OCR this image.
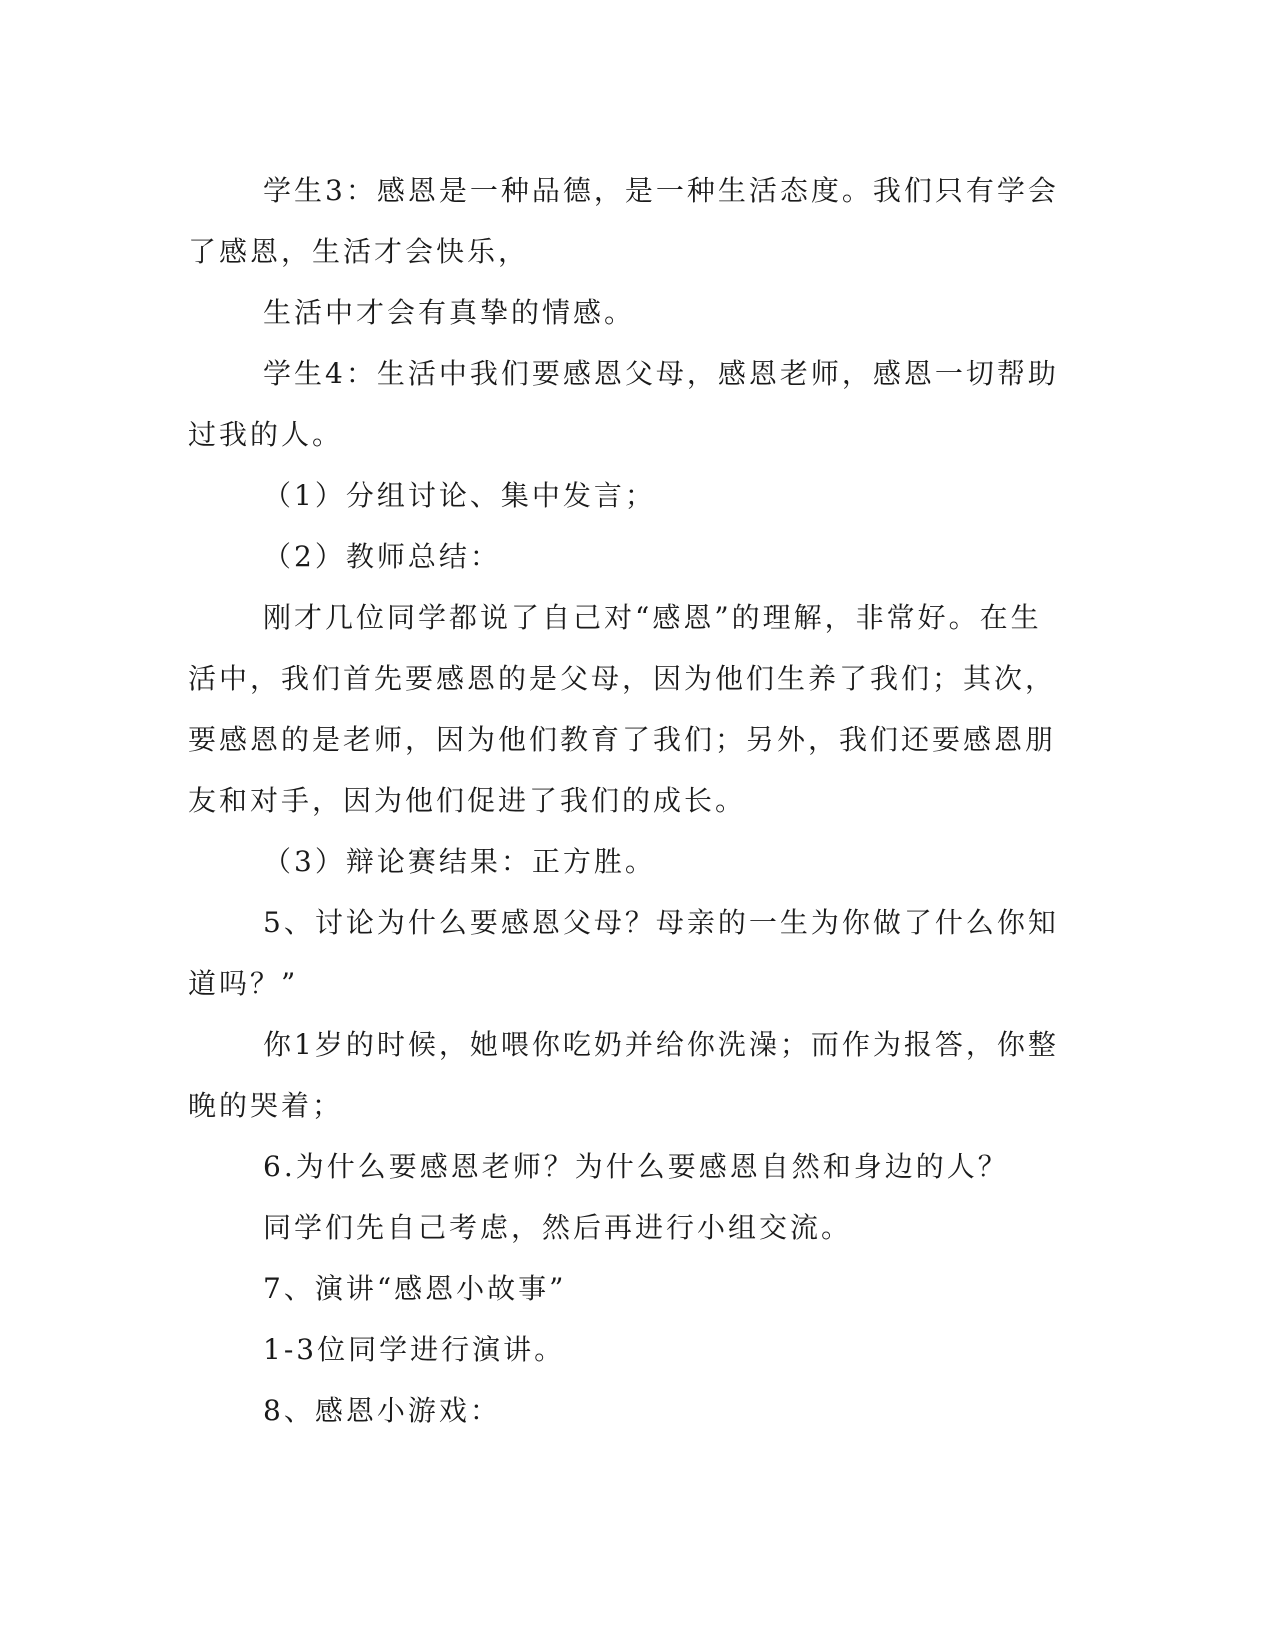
学生3：感恩是一种品德，是一种生活态度。我们只有学会了感恩，生活才会快乐，

生活中才会有真挚的情感。

学生4：生活中我们要感恩父母，感恩老师，感恩一切帮助过我的人。

（1）分组讨论、集中发言；

（2）教师总结：

刚才几位同学都说了自己对“感恩”的理解，非常好。在生活中，我们首先要感恩的是父母，因为他们生养了我们；其次，要感恩的是老师，因为他们教育了我们；另外，我们还要感恩朋友和对手，因为他们促进了我们的成长。

（3）辩论赛结果：正方胜。

5、讨论为什么要感恩父母？母亲的一生为你做了什么你知道吗？”

你1岁的时候，她喂你吃奶并给你洗澡；而作为报答，你整晚的哭着；

6.为什么要感恩老师？为什么要感恩自然和身边的人？

同学们先自己考虑，然后再进行小组交流。

7、演讲“感恩小故事”

1-3位同学进行演讲。

8、感恩小游戏：
